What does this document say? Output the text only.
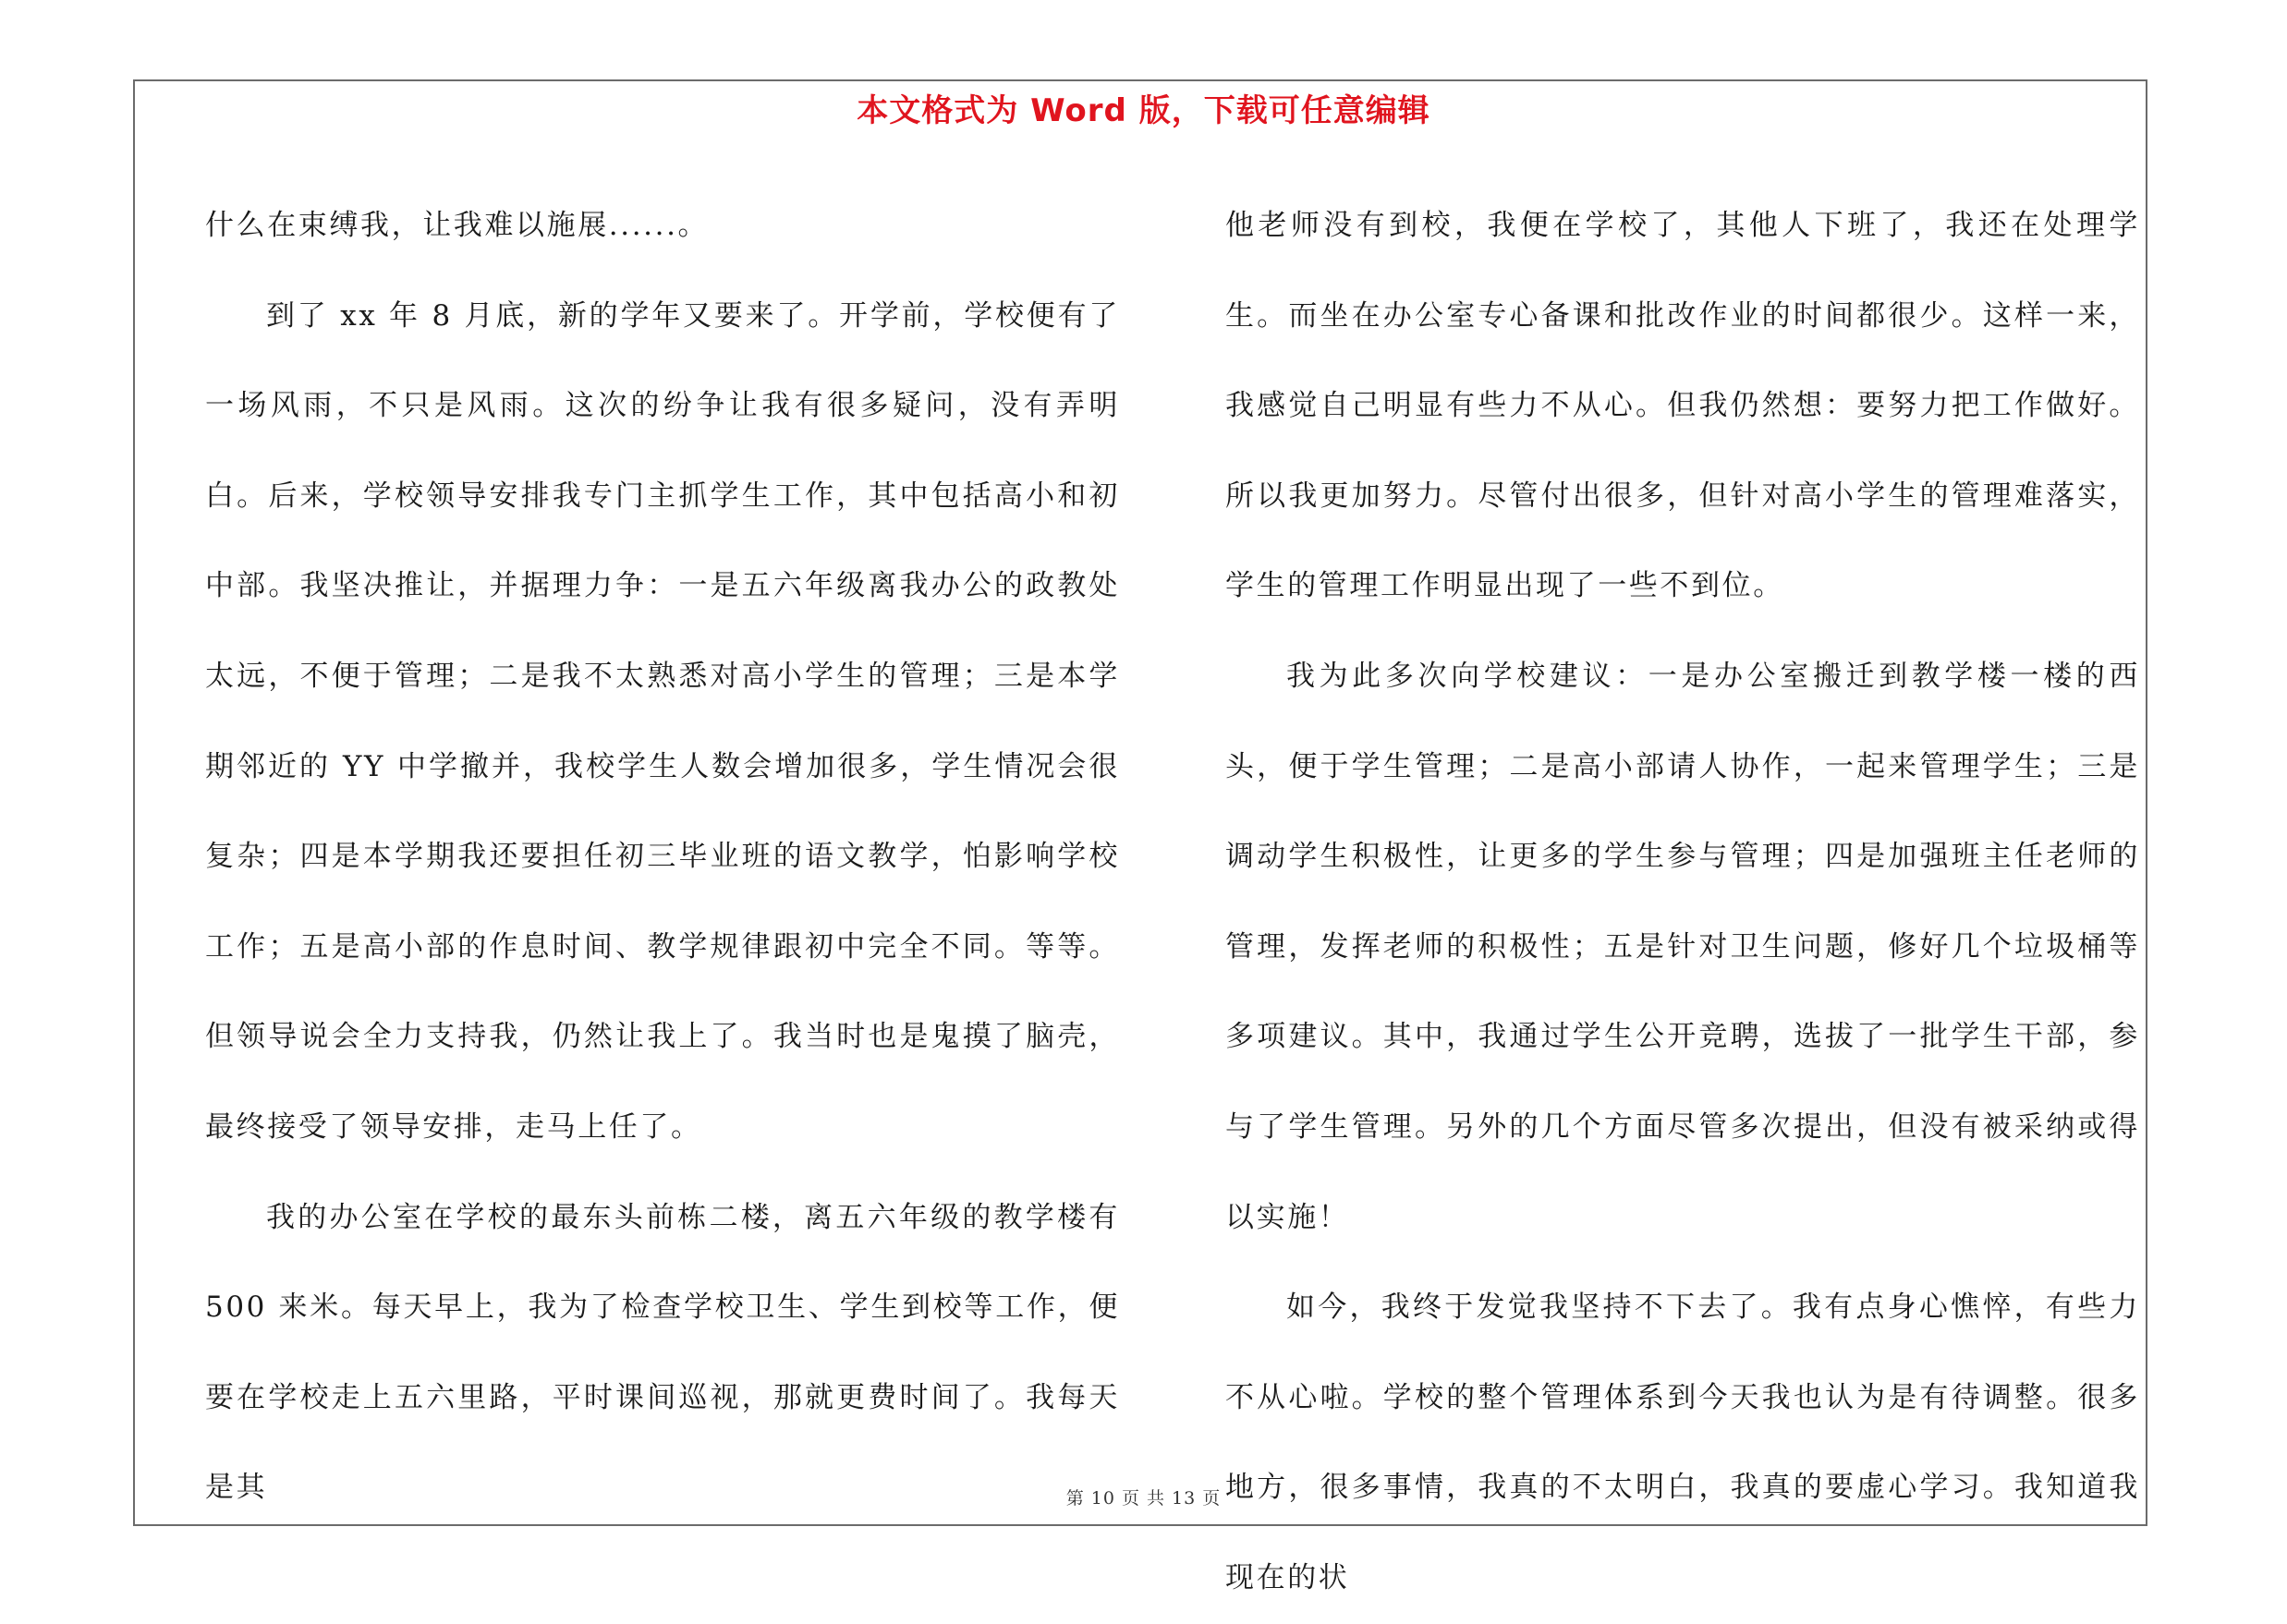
本文格式为 Word 版，下载可任意编辑

什么在束缚我，让我难以施展......。

到了 xx 年 8 月底，新的学年又要来了。开学前，学校便有了一场风雨，不只是风雨。这次的纷争让我有很多疑问，没有弄明白。后来，学校领导安排我专门主抓学生工作，其中包括高小和初中部。我坚决推让，并据理力争：一是五六年级离我办公的政教处太远，不便于管理；二是我不太熟悉对高小学生的管理；三是本学期邻近的 YY 中学撤并，我校学生人数会增加很多，学生情况会很复杂；四是本学期我还要担任初三毕业班的语文教学，怕影响学校工作；五是高小部的作息时间、教学规律跟初中完全不同。等等。但领导说会全力支持我，仍然让我上了。我当时也是鬼摸了脑壳，最终接受了领导安排，走马上任了。

我的办公室在学校的最东头前栋二楼，离五六年级的教学楼有 500 来米。每天早上，我为了检查学校卫生、学生到校等工作，便要在学校走上五六里路，平时课间巡视，那就更费时间了。我每天是其

他老师没有到校，我便在学校了，其他人下班了，我还在处理学生。而坐在办公室专心备课和批改作业的时间都很少。这样一来，我感觉自己明显有些力不从心。但我仍然想：要努力把工作做好。所以我更加努力。尽管付出很多，但针对高小学生的管理难落实，学生的管理工作明显出现了一些不到位。

我为此多次向学校建议：一是办公室搬迁到教学楼一楼的西头，便于学生管理；二是高小部请人协作，一起来管理学生；三是调动学生积极性，让更多的学生参与管理；四是加强班主任老师的管理，发挥老师的积极性；五是针对卫生问题，修好几个垃圾桶等多项建议。其中，我通过学生公开竞聘，选拔了一批学生干部，参与了学生管理。另外的几个方面尽管多次提出，但没有被采纳或得以实施！

如今，我终于发觉我坚持不下去了。我有点身心憔悴，有些力不从心啦。学校的整个管理体系到今天我也认为是有待调整。很多地方，很多事情，我真的不太明白，我真的要虚心学习。我知道我现在的状

第 10 页 共 13 页
